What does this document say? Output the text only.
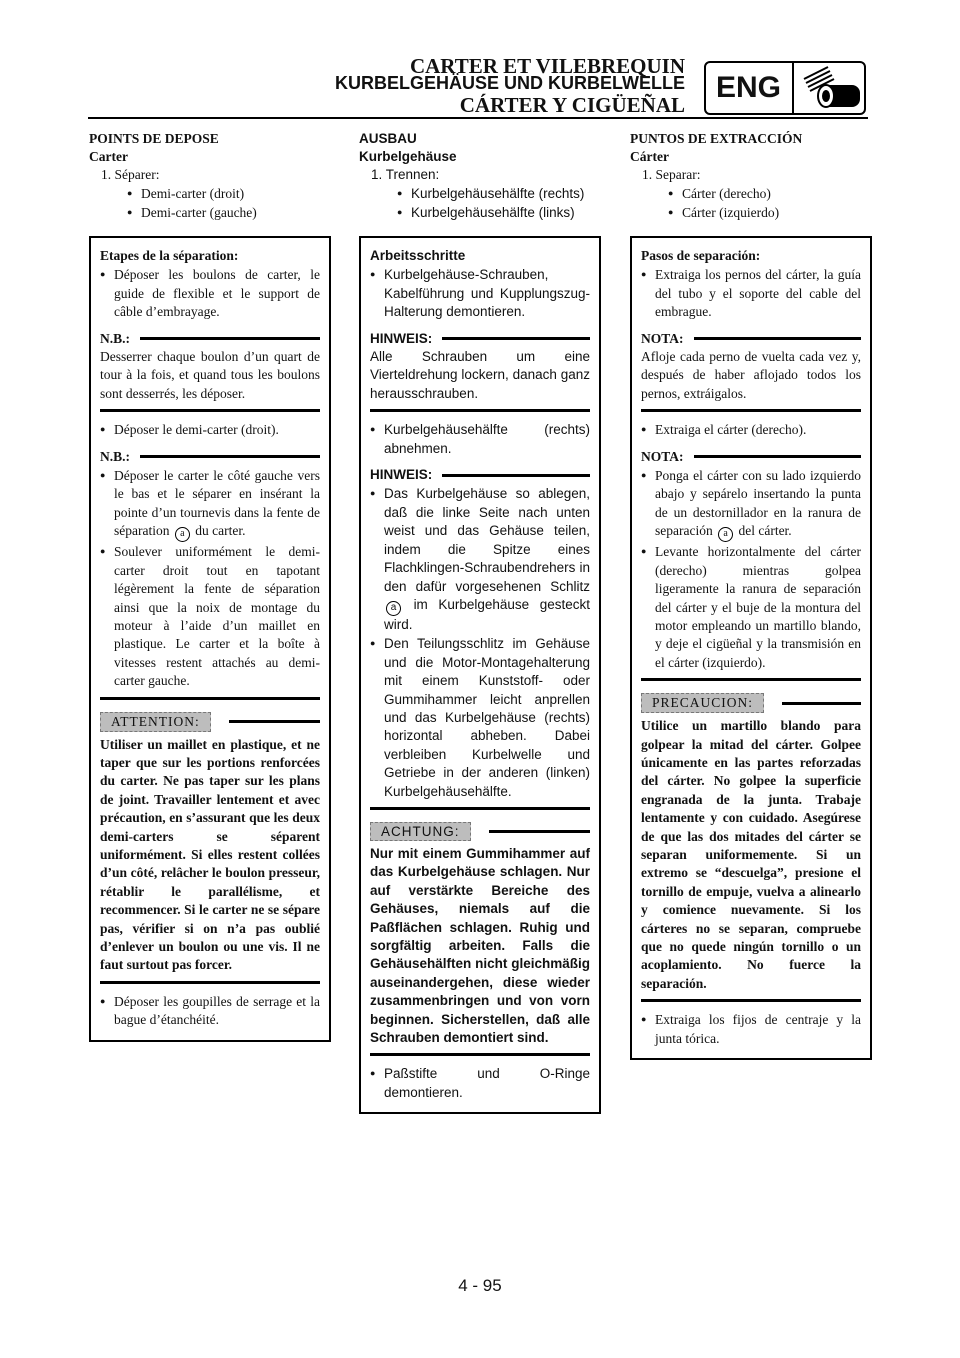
CARTER ET VILEBREQUIN
KURBELGEHÄUSE UND KURBELWELLE
CÁRTER Y CIGÜEÑAL
ENG
POINTS DE DEPOSE
Carter
1. Séparer:
● Demi-carter (droit)
● Demi-carter (gauche)

Etapes de la séparation:

● Déposer les boulons de carter, le guide de flexible et le support de câble d’embrayage.

N.B.:

Desserrer chaque boulon d’un quart de tour à la fois, et quand tous les boulons sont desserrés, les déposer.

● Déposer le demi-carter (droit).

N.B.:

● Déposer le carter le côté gauche vers le bas et le séparer en insérant la pointe d’un tournevis dans la fente de séparation a du carter.

● Soulever uniformément le demi-carter droit tout en tapotant légèrement la fente de séparation ainsi que la noix de montage du moteur à l’aide d’un maillet en plastique. Le carter et la boîte à vitesses restent attachés au demi-carter gauche.

ATTENTION:

Utiliser un maillet en plastique, et ne taper que sur les portions renforcées du carter. Ne pas taper sur les plans de joint. Travailler lentement et avec précaution, en s’assurant que les deux demi-carters se séparent uniformément. Si elles restent collées d’un côté, relâcher le boulon presseur, rétablir le parallélisme, et recommencer. Si le carter ne se sépare pas, vérifier si on n’a pas oublié d’enlever un boulon ou une vis. Il ne faut surtout pas forcer.

● Déposer les goupilles de serrage et la bague d’étanchéité.

AUSBAU
Kurbelgehäuse
1. Trennen:
● Kurbelgehäusehälfte (rechts)
● Kurbelgehäusehälfte (links)

Arbeitsschritte

● Kurbelgehäuse-Schrauben, Kabelführung und Kupplungszug-Halterung demontieren.

HINWEIS:

Alle Schrauben um eine Vierteldrehung lockern, danach ganz herausschrauben.

● Kurbelgehäusehälfte (rechts) abnehmen.

HINWEIS:

● Das Kurbelgehäuse so ablegen, daß die linke Seite nach unten weist und das Gehäuse teilen, indem die Spitze eines Flachklingen-Schraubendrehers in den dafür vorgesehenen Schlitz a im Kurbelgehäuse gesteckt wird.

● Den Teilungsschlitz im Gehäuse und die Motor-Montagehalterung mit einem Kunststoff- oder Gummihammer leicht anprellen und das Kurbelgehäuse (rechts) horizontal abheben. Dabei verbleiben Kurbelwelle und Getriebe in der anderen (linken) Kurbelgehäusehälfte.

ACHTUNG:

Nur mit einem Gummihammer auf das Kurbelgehäuse schlagen. Nur auf verstärkte Bereiche des Gehäuses, niemals auf die Paßflächen schlagen. Ruhig und sorgfältig arbeiten. Falls die Gehäusehälften nicht gleichmäßig auseinandergehen, diese wieder zusammenbringen und von vorn beginnen. Sicherstellen, daß alle Schrauben demontiert sind.

● Paßstifte und O-Ringe demontieren.

PUNTOS DE EXTRACCIÓN
Cárter
1. Separar:
● Cárter (derecho)
● Cárter (izquierdo)

Pasos de separación:

● Extraiga los pernos del cárter, la guía del tubo y el soporte del cable del embrague.

NOTA:

Afloje cada perno de vuelta cada vez y, después de haber aflojado todos los pernos, extráigalos.

● Extraiga el cárter (derecho).

NOTA:

● Ponga el cárter con su lado izquierdo abajo y sepárelo insertando la punta de un destornillador en la ranura de separación a del cárter.

● Levante horizontalmente del cárter (derecho) mientras golpea ligeramente la ranura de separación del cárter y el buje de la montura del motor empleando un martillo blando, y deje el cigüeñal y la transmisión en el cárter (izquierdo).

PRECAUCION:

Utilice un martillo blando para golpear la mitad del cárter. Golpee únicamente en las partes reforzadas del cárter. No golpee la superficie engranada de la junta. Trabaje lentamente y con cuidado. Asegúrese de que las dos mitades del cárter se separan uniformemente. Si un extremo se “descuelga”, presione el tornillo de empuje, vuelva a alinearlo y comience nuevamente. Si los cárteres no se separan, compruebe que no quede ningún tornillo o un acoplamiento. No fuerce la separación.

● Extraiga los fijos de centraje y la junta tórica.

4 - 95
